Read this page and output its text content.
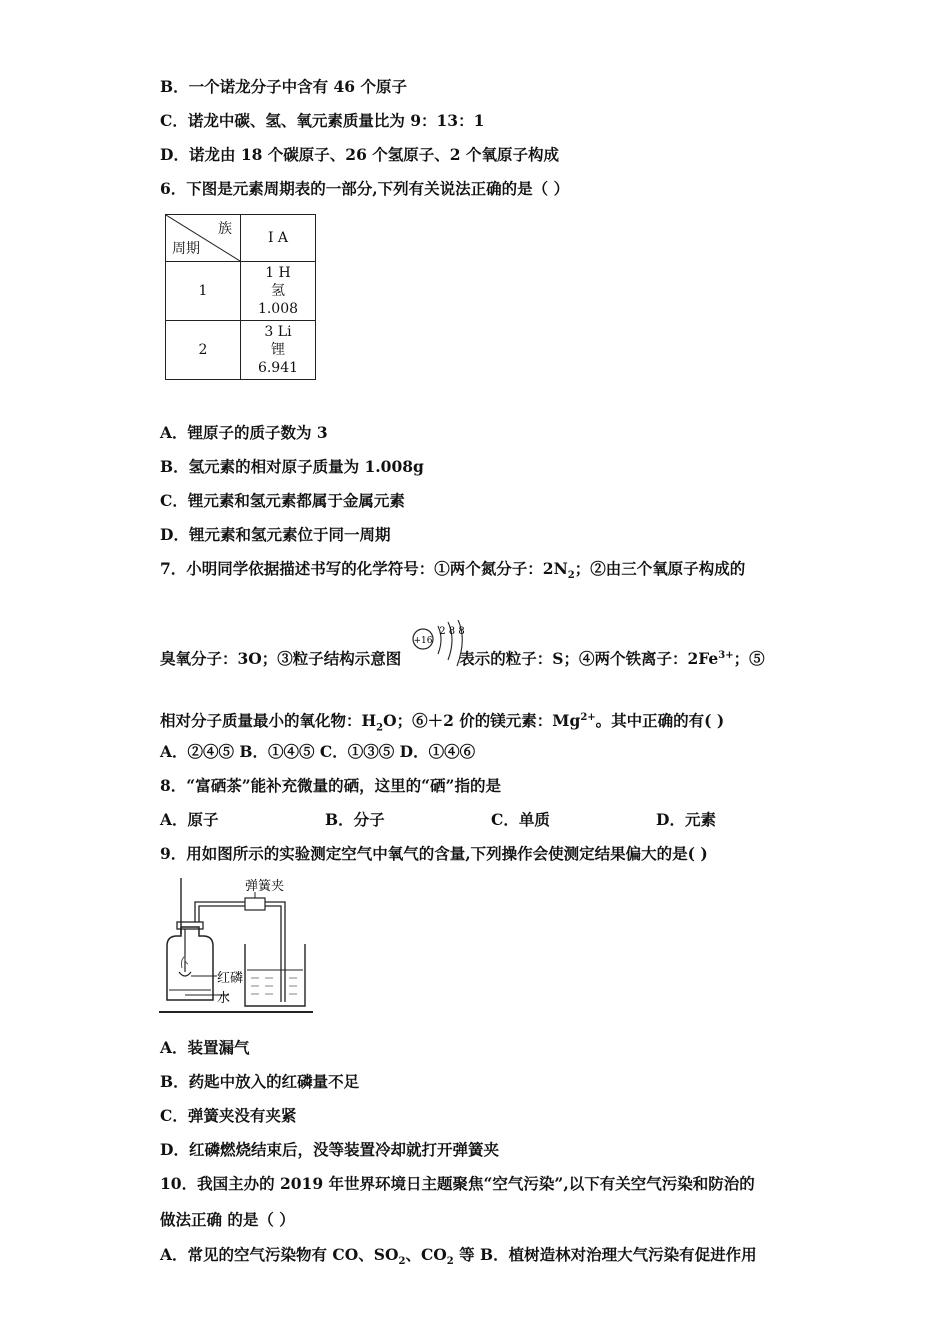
B．一个诺龙分子中含有 46 个原子
C．诺龙中碳、氢、氧元素质量比为 9：13：1
D．诺龙由 18 个碳原子、26 个氢原子、2 个氧原子构成
6．下图是元素周期表的一部分,下列有关说法正确的是（ ）
族
周期	I A
1	1 H
氢
1.008

2	3 Li
锂
6.941
A．锂原子的质子数为 3
B．氢元素的相对原子质量为 1.008g
C．锂元素和氢元素都属于金属元素
D．锂元素和氢元素位于同一周期
7．小明同学依据描述书写的化学符号：①两个氮分子：$2N_2$；②由三个氧原子构成的
+16
2 8 8
臭氧分子：3O；③粒子结构示意图	表示的粒子：S；④两个铁离子：$2Fe^{3+}$；⑤
相对分子质量最小的氧化物：$H_2O$；⑥＋2 价的镁元素：$Mg^{2+}$。其中正确的有( )
A．②④⑤ B．①④⑤ C．①③⑤ D．①④⑥
8．“富硒茶”能补充微量的硒，这里的“硒”指的是
A．原子	B．分子	C．单质	D．元素
9．用如图所示的实验测定空气中氧气的含量,下列操作会使测定结果偏大的是( )
弹簧夹
红磷
水
A．装置漏气
B．药匙中放入的红磷量不足
C．弹簧夹没有夹紧
D．红磷燃烧结束后，没等装置冷却就打开弹簧夹
10．我国主办的 2019 年世界环境日主题聚焦“空气污染”,以下有关空气污染和防治的
做法正确 的是（ ）
A．常见的空气污染物有 CO、$SO_2$、$CO_2$ 等 B．植树造林对治理大气污染有促进作用
